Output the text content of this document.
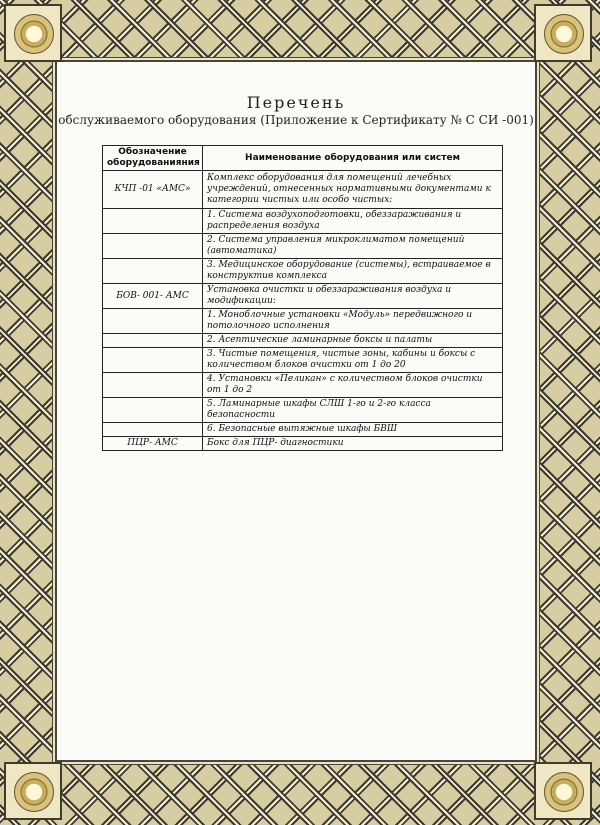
Перечень
обслуживаемого оборудования (Приложение к Сертификату № С СИ -001)
Обозначение оборудованияния	Наименование оборудования или систем
КЧП -01 «АМС»	Комплекс оборудования для помещений лечебных учреждений, отнесенных нормативными документами к категории чистых или особо чистых:
	1. Система воздухоподготовки, обеззараживания и распределения воздуха
	2. Система управления микроклиматом помещений (автоматика)
	3. Медицинское оборудование (системы), встраиваемое в конструктив комплекса
БОВ- 001- АМС	Установка очистки и обеззараживания воздуха и модификации:
	1. Моноблочные установки «Модуль» передвижного и потолочного исполнения
	2. Асептические ламинарные боксы и палаты
	3. Чистые помещения, чистые зоны, кабины и боксы с количеством блоков очистки от 1 до 20
	4. Установки «Пеликан» с количеством блоков очистки от 1 до 2
	5. Ламинарные шкафы СЛШ 1-го и 2-го класса безопасности
	6. Безопасные вытяжные шкафы БВШ
ПЦР- АМС	Бокс для ПЦР- диагностики
